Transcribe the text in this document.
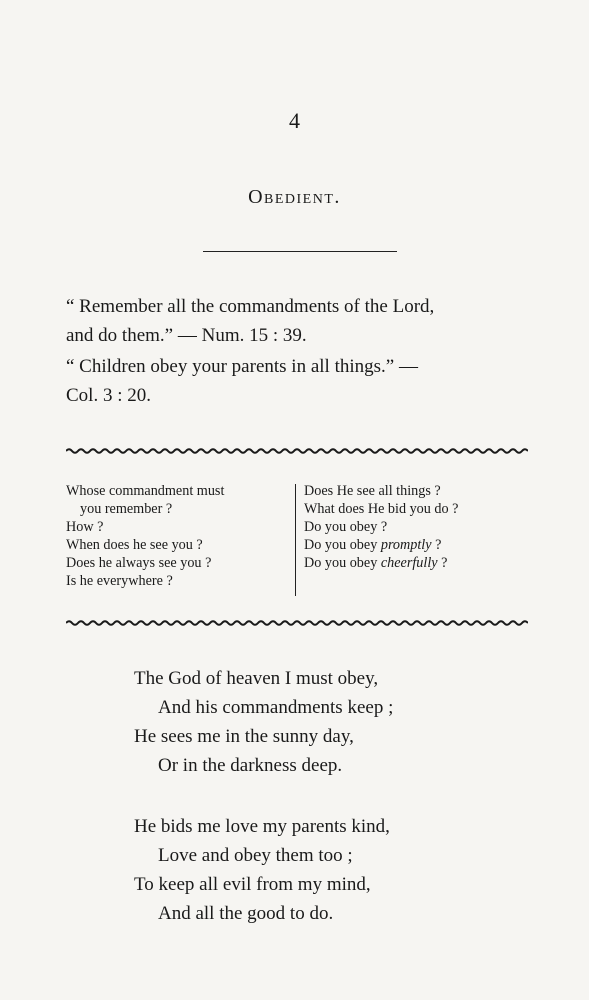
4
Obedient.
“ Remember all the commandments of the Lord,
and do them.” — Num. 15 : 39.
“ Children obey your parents in all things.” —
Col. 3 : 20.
Whose commandment must
you remember ?
How ?
When does he see you ?
Does he always see you ?
Is he everywhere ?
Does He see all things ?
What does He bid you do ?
Do you obey ?
Do you obey promptly ?
Do you obey cheerfully ?
The God of heaven I must obey,
And his commandments keep ;
He sees me in the sunny day,
Or in the darkness deep.
He bids me love my parents kind,
Love and obey them too ;
To keep all evil from my mind,
And all the good to do.
